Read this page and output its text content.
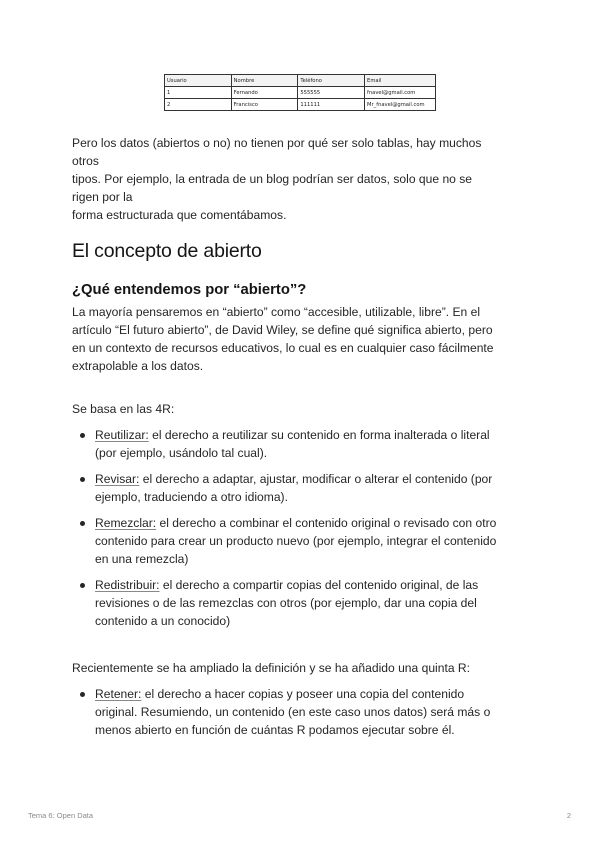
Usuario	Nombre	Teléfono	Email
1	Fernando	555555	fnavel@gmail.com
2	Francisco	111111	Mr_fnavel@gmail.com
Pero los datos (abiertos o no) no tienen por qué ser solo tablas, hay muchos
otros
tipos. Por ejemplo, la entrada de un blog podrían ser datos, solo que no se
rigen por la
forma estructurada que comentábamos.
El concepto de abierto
¿Qué entendemos por “abierto”?
La mayoría pensaremos en “abierto” como “accesible, utilizable, libre”. En el
artículo “El futuro abierto”, de David Wiley, se define qué significa abierto, pero
en un contexto de recursos educativos, lo cual es en cualquier caso fácilmente
extrapolable a los datos.
Se basa en las 4R:
Reutilizar: el derecho a reutilizar su contenido en forma inalterada o literal
(por ejemplo, usándolo tal cual).
Revisar: el derecho a adaptar, ajustar, modificar o alterar el contenido (por
ejemplo, traduciendo a otro idioma).
Remezclar: el derecho a combinar el contenido original o revisado con otro
contenido para crear un producto nuevo (por ejemplo, integrar el contenido
en una remezcla)
Redistribuir: el derecho a compartir copias del contenido original, de las
revisiones o de las remezclas con otros (por ejemplo, dar una copia del
contenido a un conocido)
Recientemente se ha ampliado la definición y se ha añadido una quinta R:
Retener: el derecho a hacer copias y poseer una copia del contenido
original. Resumiendo, un contenido (en este caso unos datos) será más o
menos abierto en función de cuántas R podamos ejecutar sobre él.
Tema 6: Open Data	2
